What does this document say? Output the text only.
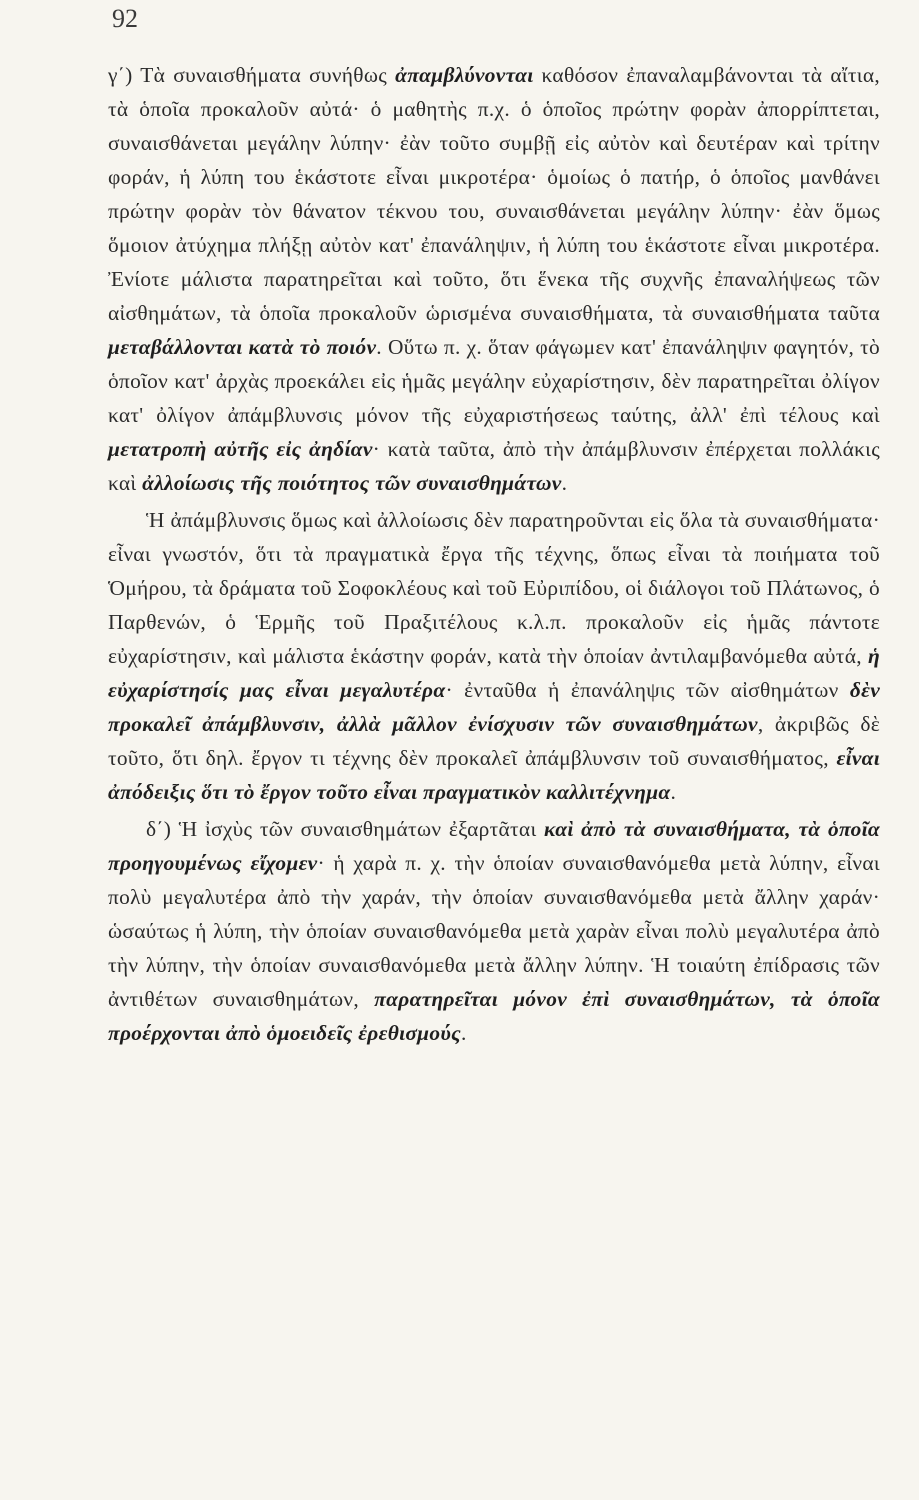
92

γ΄) Τὰ συναισθήματα συνήθως ἀπαμβλύνονται καθόσον ἐπαναλαμβάνονται τὰ αἴτια, τὰ ὁποῖα προκαλοῦν αὐτά· ὁ μαθητὴς π.χ. ὁ ὁποῖος πρώτην φορὰν ἀπορρίπτεται, συναισθάνεται μεγάλην λύπην· ἐὰν τοῦτο συμβῇ εἰς αὐτὸν καὶ δευτέραν καὶ τρίτην φοράν, ἡ λύπη του ἑκάστοτε εἶναι μικροτέρα· ὁμοίως ὁ πατήρ, ὁ ὁποῖος μανθάνει πρώτην φορὰν τὸν θάνατον τέκνου του, συναισθάνεται μεγάλην λύπην· ἐὰν ὅμως ὅμοιον ἀτύχημα πλήξῃ αὐτὸν κατ' ἐπανάληψιν, ἡ λύπη του ἑκάστοτε εἶναι μικροτέρα. Ἐνίοτε μάλιστα παρατηρεῖται καὶ τοῦτο, ὅτι ἕνεκα τῆς συχνῆς ἐπαναλήψεως τῶν αἰσθημάτων, τὰ ὁποῖα προκαλοῦν ὡρισμένα συναισθήματα, τὰ συναισθήματα ταῦτα μεταβάλλονται κατὰ τὸ ποιόν. Οὕτω π. χ. ὅταν φάγωμεν κατ' ἐπανάληψιν φαγητόν, τὸ ὁποῖον κατ' ἀρχὰς προεκάλει εἰς ἡμᾶς μεγάλην εὐχαρίστησιν, δὲν παρατηρεῖται ὀλίγον κατ' ὀλίγον ἀπάμβλυνσις μόνον τῆς εὐχαριστήσεως ταύτης, ἀλλ' ἐπὶ τέλους καὶ μετατροπὴ αὐτῆς εἰς ἀηδίαν· κατὰ ταῦτα, ἀπὸ τὴν ἀπάμβλυνσιν ἐπέρχεται πολλάκις καὶ ἀλλοίωσις τῆς ποιότητος τῶν συναισθημάτων.

Ἡ ἀπάμβλυνσις ὅμως καὶ ἀλλοίωσις δὲν παρατηροῦνται εἰς ὅλα τὰ συναισθήματα· εἶναι γνωστόν, ὅτι τὰ πραγματικὰ ἔργα τῆς τέχνης, ὅπως εἶναι τὰ ποιήματα τοῦ Ὁμήρου, τὰ δράματα τοῦ Σοφοκλέους καὶ τοῦ Εὐριπίδου, οἱ διάλογοι τοῦ Πλάτωνος, ὁ Παρθενών, ὁ Ἑρμῆς τοῦ Πραξιτέλους κ.λ.π. προκαλοῦν εἰς ἡμᾶς πάντοτε εὐχαρίστησιν, καὶ μάλιστα ἑκάστην φοράν, κατὰ τὴν ὁποίαν ἀντιλαμβανόμεθα αὐτά, ἡ εὐχαρίστησίς μας εἶναι μεγαλυτέρα· ἐνταῦθα ἡ ἐπανάληψις τῶν αἰσθημάτων δὲν προκαλεῖ ἀπάμβλυνσιν, ἀλλὰ μᾶλλον ἐνίσχυσιν τῶν συναισθημάτων, ἀκριβῶς δὲ τοῦτο, ὅτι δηλ. ἔργον τι τέχνης δὲν προκαλεῖ ἀπάμβλυνσιν τοῦ συναισθήματος, εἶναι ἀπόδειξις ὅτι τὸ ἔργον τοῦτο εἶναι πραγματικὸν καλλιτέχνημα.

δ΄) Ἡ ἰσχὺς τῶν συναισθημάτων ἐξαρτᾶται καὶ ἀπὸ τὰ συναισθήματα, τὰ ὁποῖα προηγουμένως εἴχομεν· ἡ χαρὰ π. χ. τὴν ὁποίαν συναισθανόμεθα μετὰ λύπην, εἶναι πολὺ μεγαλυτέρα ἀπὸ τὴν χαράν, τὴν ὁποίαν συναισθανόμεθα μετὰ ἄλλην χαράν· ὡσαύτως ἡ λύπη, τὴν ὁποίαν συναισθανόμεθα μετὰ χαρὰν εἶναι πολὺ μεγαλυτέρα ἀπὸ τὴν λύπην, τὴν ὁποίαν συναισθανόμεθα μετὰ ἄλλην λύπην. Ἡ τοιαύτη ἐπίδρασις τῶν ἀντιθέτων συναισθημάτων, παρατηρεῖται μόνον ἐπὶ συναισθημάτων, τὰ ὁποῖα προέρχονται ἀπὸ ὁμοειδεῖς ἐρεθισμούς.
